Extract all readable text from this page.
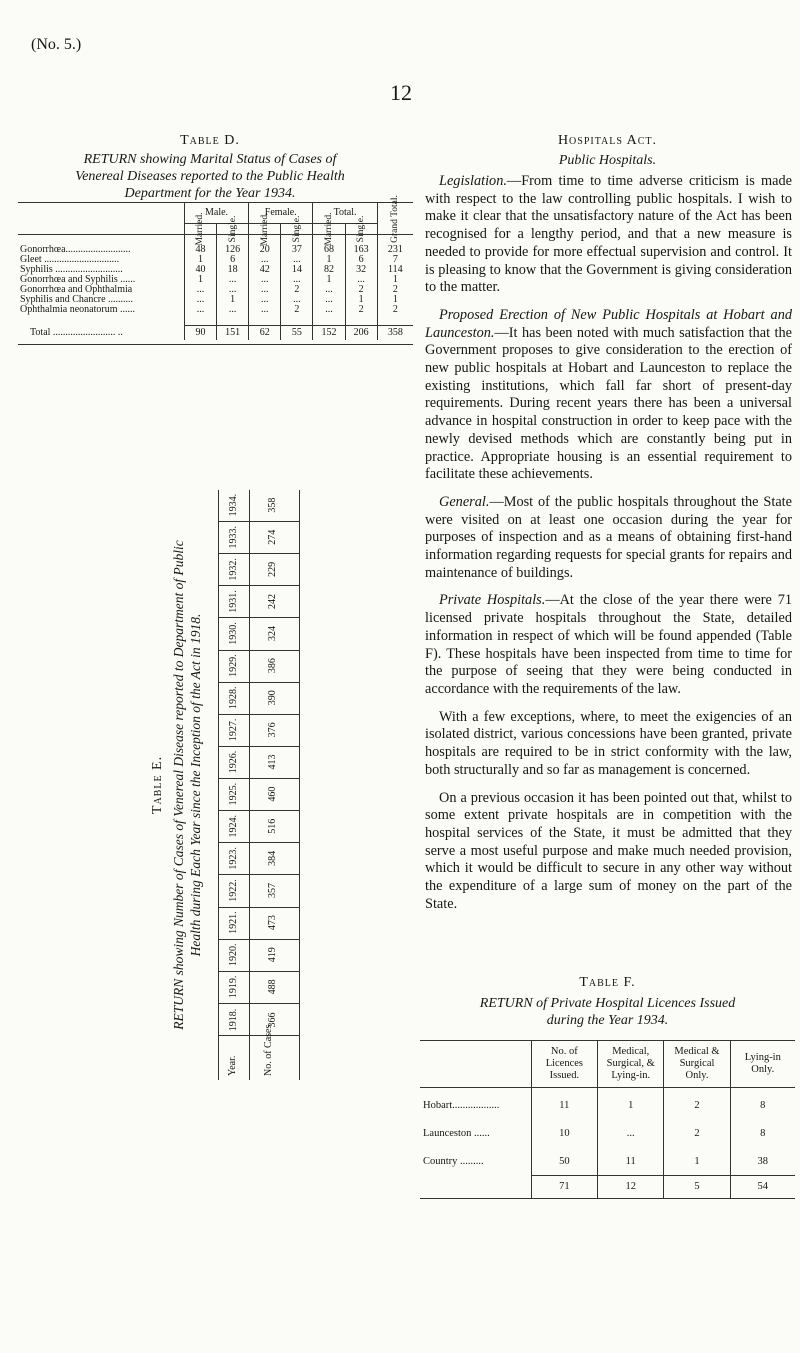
(No. 5.)
12
Table D.
RETURN showing Marital Status of Cases of
Venereal Diseases reported to the Public Health
Department for the Year 1934.
	Male.		Female.		Total.		Grand Total.

	Married.	Single.	Married.	Single.	Married.	Single.	

Gonorrhœa..........................	48	126	20	37	68	163	231
Gleet ..............................	1	6	...	...	1	6	7
Syphilis ...........................	40	18	42	14	82	32	114
Gonorrhœa and Syphilis ......	1	...	...	...	1	...	1
Gonorrhœa and Ophthalmia	...	...	...	2	...	2	2
Syphilis and Chancre ..........	...	1	...	...	...	1	1
Ophthalmia neonatorum ......	...	...	...	2	...	2	2

Total ......................... ..	90	151	62	55	152	206	358
Table E. RETURN showing Number of Cases of Venereal Disease reported to Department of Public Health during Each Year since the Inception of the Act in 1918.
Year.	No. of Cases
1918.	366
1919.	488
1920.	419
1921.	473
1922.	357
1923.	384
1924.	516
1925.	460
1926.	413
1927.	376
1928.	390
1929.	386
1930.	324
1931.	242
1932.	229
1933.	274
1934.	358
Hospitals Act.
Public Hospitals.

Legislation.—From time to time adverse criticism is made with respect to the law controlling public hospitals. I wish to make it clear that the unsatisfactory nature of the Act has been recognised for a lengthy period, and that a new measure is needed to provide for more effectual supervision and control. It is pleasing to know that the Government is giving consideration to the matter.

Proposed Erection of New Public Hospitals at Hobart and Launceston.—It has been noted with much satisfaction that the Government proposes to give consideration to the erection of new public hospitals at Hobart and Launceston to replace the existing institutions, which fall far short of present-day requirements. During recent years there has been a universal advance in hospital construction in order to keep pace with the newly devised methods which are constantly being put in practice. Appropriate housing is an essential requirement to facilitate these achievements.

General.—Most of the public hospitals throughout the State were visited on at least one occasion during the year for purposes of inspection and as a means of obtaining first-hand information regarding requests for special grants for repairs and maintenance of buildings.

Private Hospitals.—At the close of the year there were 71 licensed private hospitals throughout the State, detailed information in respect of which will be found appended (Table F). These hospitals have been inspected from time to time for the purpose of seeing that they were being conducted in accordance with the requirements of the law.

With a few exceptions, where, to meet the exigencies of an isolated district, various concessions have been granted, private hospitals are required to be in strict conformity with the law, both structurally and so far as management is concerned.

On a previous occasion it has been pointed out that, whilst to some extent private hospitals are in competition with the hospital services of the State, it must be admitted that they serve a most useful purpose and make much needed provision, which it would be difficult to secure in any other way without the expenditure of a large sum of money on the part of the State.

Table F.
RETURN of Private Hospital Licences Issued
during the Year 1934.
	No. of Licences Issued.	Medical, Surgical, & Lying-in.	Medical & Surgical Only.	Lying-in Only.

Hobart..................	11	1	2	8
Launceston ......	10	...	2	8
Country .........	50	11	1	38
	71	12	5	54
